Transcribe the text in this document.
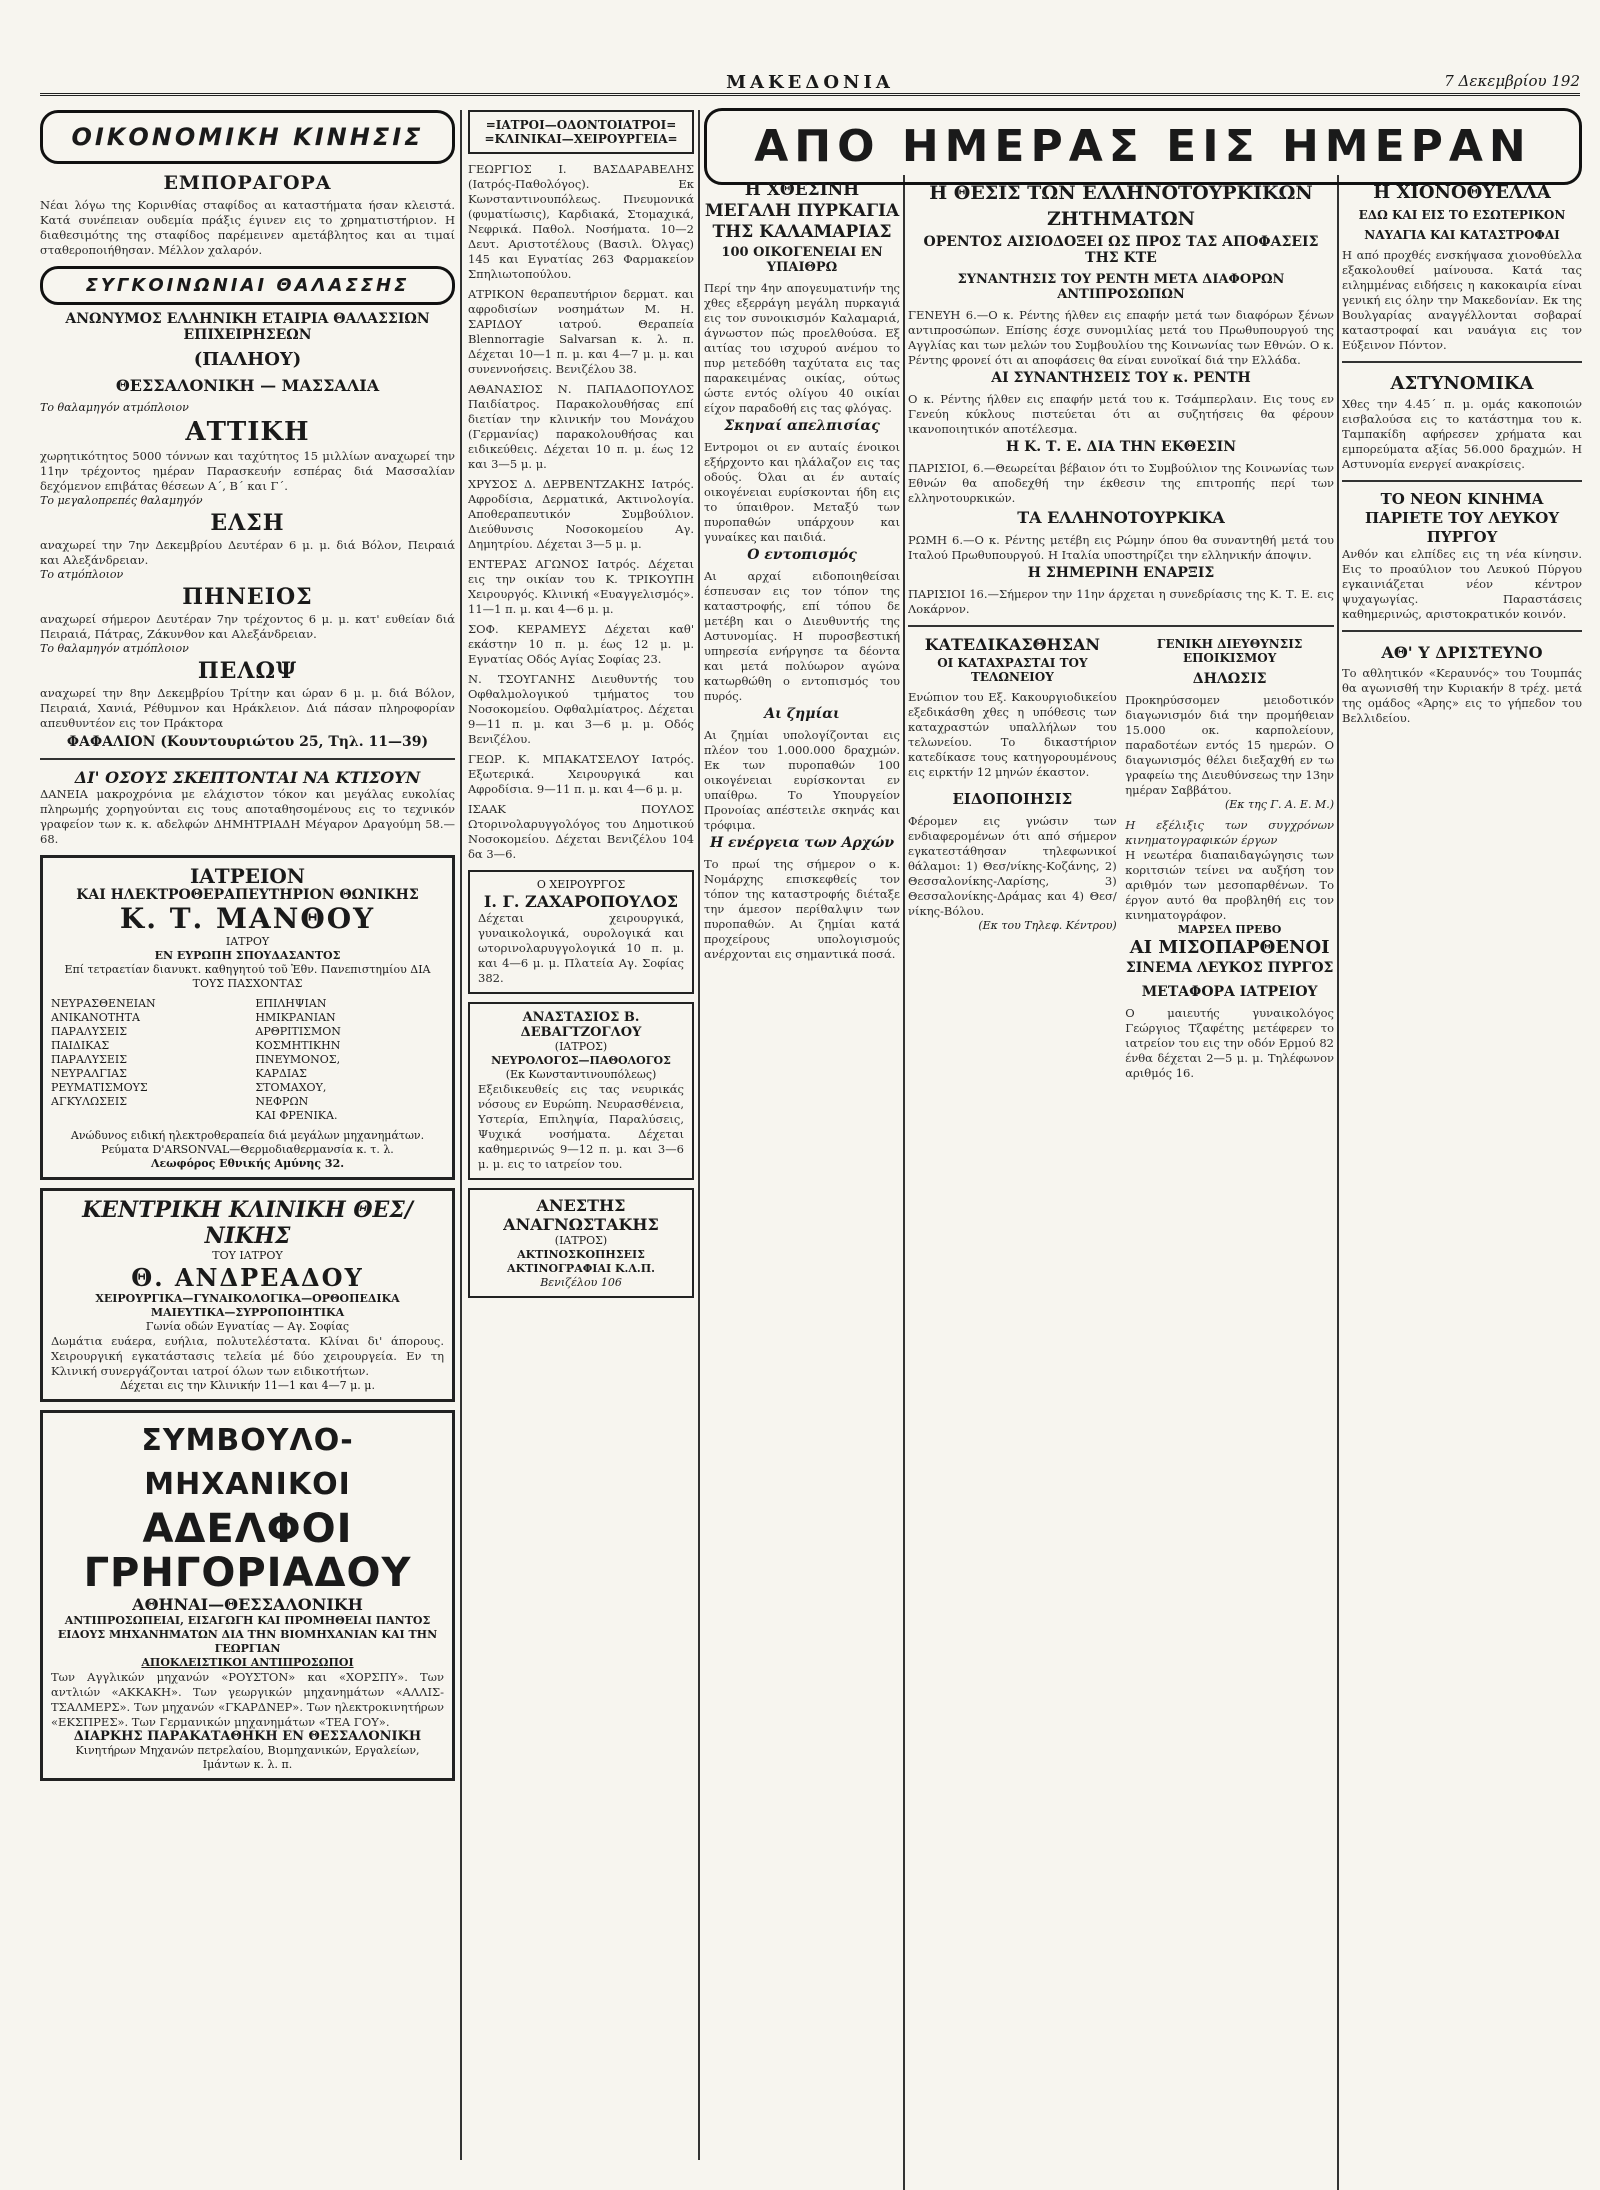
ΜΑΚΕΔΟΝΙΑ	7 Δεκεμβρίου 192
ΟΙΚΟΝΟΜΙΚΗ ΚΙΝΗΣΙΣ
ΕΜΠΟΡΑΓΟΡΑ
Νέαι λόγω της Κορινθίας σταφίδος αι καταστήματα ήσαν κλειστά. Κατά συνέπειαν ουδεμία πράξις έγινεν εις το χρηματιστήριον. Η διαθεσιμότης της σταφίδος παρέμεινεν αμετάβλητος και αι τιμαί σταθεροποιήθησαν. Μέλλον χαλαρόν.
ΣΥΓΚΟΙΝΩΝΙΑΙ ΘΑΛΑΣΣΗΣ
ΑΝΩΝΥΜΟΣ ΕΛΛΗΝΙΚΗ ΕΤΑΙΡΙΑ ΘΑΛΑΣΣΙΩΝ ΕΠΙΧΕΙΡΗΣΕΩΝ
(ΠΑΛΗΟΥ)
ΘΕΣΣΑΛΟΝΙΚΗ — ΜΑΣΣΑΛΙΑ
Το θαλαμηγόν ατμόπλοιον
ΑΤΤΙΚΗ
χωρητικότητος 5000 τόννων και ταχύτητος 15 μιλλίων αναχωρεί την 11ην τρέχοντος ημέραν Παρασκευήν εσπέρας διά Μασσαλίαν δεχόμενον επιβάτας θέσεων Α΄, Β΄ και Γ΄.
Το μεγαλοπρεπές θαλαμηγόν
ΕΛΣΗ
αναχωρεί την 7ην Δεκεμβρίου Δευτέραν 6 μ. μ. διά Βόλον, Πειραιά και Αλεξάνδρειαν.
Το ατμόπλοιον
ΠΗΝΕΙΟΣ
αναχωρεί σήμερον Δευτέραν 7ην τρέχοντος 6 μ. μ. κατ' ευθείαν διά Πειραιά, Πάτρας, Ζάκυνθον και Αλεξάνδρειαν.
Το θαλαμηγόν ατμόπλοιον
ΠΕΛΩΨ
αναχωρεί την 8ην Δεκεμβρίου Τρίτην και ώραν 6 μ. μ. διά Βόλον, Πειραιά, Χανιά, Ρέθυμνον και Ηράκλειον. Διά πάσαν πληροφορίαν απευθυντέον εις τον Πράκτορα
ΦΑΦΑΛΙΟΝ (Κουντουριώτου 25, Τηλ. 11—39)
ΔΙ' ΟΣΟΥΣ ΣΚΕΠΤΟΝΤΑΙ ΝΑ ΚΤΙΣΟΥΝ
ΔΑΝΕΙΑ μακροχρόνια με ελάχιστον τόκον και μεγάλας ευκολίας πληρωμής χορηγούνται εις τους αποταθησομένους εις το τεχνικόν γραφείον των κ. κ. αδελφών ΔΗΜΗΤΡΙΑΔΗ Μέγαρον Δραγούμη 58.—68.
ΙΑΤΡΕΙΟΝ
ΚΑΙ ΗΛΕΚΤΡΟΘΕΡΑΠΕΥΤΗΡΙΟΝ ΘΩΝΙΚΗΣ
Κ. Τ. ΜΑΝΘΟΥ
ΙΑΤΡΟΥ
ΕΝ ΕΥΡΩΠΗ ΣΠΟΥΔΑΣΑΝΤΟΣ
Επί τετραετίαν διανυκτ. καθηγητού τοῦ Ἐθν. Πανεπιστημίου ΔΙΑ ΤΟΥΣ ΠΑΣΧΟΝΤΑΣ
ΝΕΥΡΑΣΘΕΝΕΙΑΝ
ΑΝΙΚΑΝΟΤΗΤΑ
ΠΑΡΑΛΥΣΕΙΣ
ΠΑΙΔΙΚΑΣ ΠΑΡΑΛΥΣΕΙΣ
ΝΕΥΡΑΛΓΙΑΣ
ΡΕΥΜΑΤΙΣΜΟΥΣ
ΑΓΚΥΛΩΣΕΙΣ
ΕΠΙΛΗΨΙΑΝ
ΗΜΙΚΡΑΝΙΑΝ
ΑΡΘΡΙΤΙΣΜΟΝ
ΚΟΣΜΗΤΙΚΗΝ
ΠΝΕΥΜΟΝΟΣ, ΚΑΡΔΙΑΣ
ΣΤΟΜΑΧΟΥ, ΝΕΦΡΩΝ
ΚΑΙ ΦΡΕΝΙΚΑ.
Ανώδυνος ειδική ηλεκτροθεραπεία διά μεγάλων μηχανημάτων. Ρεύματα D'ARSONVAL—Θερμοδιαθερμανσία κ. τ. λ.
Λεωφόρος Εθνικής Αμύνης 32.
ΚΕΝΤΡΙΚΗ ΚΛΙΝΙΚΗ ΘΕΣ/ΝΙΚΗΣ
ΤΟΥ ΙΑΤΡΟΥ
Θ. ΑΝΔΡΕΑΔΟΥ
ΧΕΙΡΟΥΡΓΙΚΑ—ΓΥΝΑΙΚΟΛΟΓΙΚΑ—ΟΡΘΟΠΕΔΙΚΑ
ΜΑΙΕΥΤΙΚΑ—ΣΥΡΡΟΠΟΙΗΤΙΚΑ
Γωνία οδών Εγνατίας — Αγ. Σοφίας
Δωμάτια ευάερα, ευήλια, πολυτελέστατα. Κλίναι δι' άπορους. Χειρουργική εγκατάστασις τελεία μέ δύο χειρουργεία. Εν τη Κλινική συνεργάζονται ιατροί όλων των ειδικοτήτων.
Δέχεται εις την Κλινικήν 11—1 και 4—7 μ. μ.
ΣΥΜΒΟΥΛΟ-ΜΗΧΑΝΙΚΟΙ
ΑΔΕΛΦΟΙ ΓΡΗΓΟΡΙΑΔΟΥ
ΑΘΗΝΑΙ—ΘΕΣΣΑΛΟΝΙΚΗ
ΑΝΤΙΠΡΟΣΩΠΕΙΑΙ, ΕΙΣΑΓΩΓΗ ΚΑΙ ΠΡΟΜΗΘΕΙΑΙ ΠΑΝΤΟΣ ΕΙΔΟΥΣ ΜΗΧΑΝΗΜΑΤΩΝ ΔΙΑ ΤΗΝ ΒΙΟΜΗΧΑΝΙΑΝ ΚΑΙ ΤΗΝ ΓΕΩΡΓΙΑΝ
ΑΠΟΚΛΕΙΣΤΙΚΟΙ ΑΝΤΙΠΡΟΣΩΠΟΙ
Των Αγγλικών μηχανών «ΡΟΥΣΤΟΝ» και «ΧΟΡΣΠΥ». Των αντλιών «ΑΚΚΑΚΗ». Των γεωργικών μηχανημάτων «ΑΛΛΙΣ-ΤΣΑΛΜΕΡΣ». Των μηχανών «ΓΚΑΡΔΝΕΡ». Των ηλεκτροκινητήρων «ΕΚΣΠΡΕΣ». Των Γερμανικών μηχανημάτων «ΤΕΑ ΓΟΥ».
ΔΙΑΡΚΗΣ ΠΑΡΑΚΑΤΑΘΗΚΗ ΕΝ ΘΕΣΣΑΛΟΝΙΚΗ
Κινητήρων Μηχανών πετρελαίου, Βιομηχανικών, Εργαλείων, Ιμάντων κ. λ. π.
=ΙΑΤΡΟΙ—ΟΔΟΝΤΟΙΑΤΡΟΙ= =ΚΛΙΝΙΚΑΙ—ΧΕΙΡΟΥΡΓΕΙΑ=
ΓΕΩΡΓΙΟΣ Ι. ΒΑΣΔΑΡΑΒΕΛΗΣ (Ιατρός-Παθολόγος). Εκ Κωνσταντινουπόλεως. Πνευμονικά (φυματίωσις), Καρδιακά, Στομαχικά, Νεφρικά. Παθολ. Νοσήματα. 10—2 Δευτ. Αριστοτέλους (Βασιλ. Όλγας) 145 και Εγνατίας 263 Φαρμακείον Σπηλιωτοπούλου.
ΑΤΡΙΚΟΝ θεραπευτήριον δερματ. και αφροδισίων νοσημάτων Μ. Η. ΣΑΡΙΔΟΥ ιατρού. Θεραπεία Blennorragie Salvarsan κ. λ. π. Δέχεται 10—1 π. μ. και 4—7 μ. μ. και συνεννοήσεις. Βενιζέλου 38.
ΑΘΑΝΑΣΙΟΣ Ν. ΠΑΠΑΔΟΠΟΥΛΟΣ Παιδίατρος. Παρακολουθήσας επί διετίαν την κλινικήν του Μονάχου (Γερμανίας) παρακολουθήσας και ειδικεύθεις. Δέχεται 10 π. μ. έως 12 και 3—5 μ. μ.
ΧΡΥΣΟΣ Δ. ΔΕΡΒΕΝΤΖΑΚΗΣ Ιατρός. Αφροδίσια, Δερματικά, Ακτινολογία. Αποθεραπευτικόν Συμβούλιον. Διεύθυνσις Νοσοκομείου Αγ. Δημητρίου. Δέχεται 3—5 μ. μ.
ΕΝΤΕΡΑΣ ΑΓΩΝΟΣ Ιατρός. Δέχεται εις την οικίαν του Κ. ΤΡΙΚΟΥΠΗ Χειρουργός. Κλινική «Ευαγγελισμός». 11—1 π. μ. και 4—6 μ. μ.
ΣΟΦ. ΚΕΡΑΜΕΥΣ Δέχεται καθ' εκάστην 10 π. μ. έως 12 μ. μ. Εγνατίας Οδός Αγίας Σοφίας 23.
Ν. ΤΣΟΥΓΑΝΗΣ Διευθυντής του Οφθαλμολογικού τμήματος του Νοσοκομείου. Οφθαλμίατρος. Δέχεται 9—11 π. μ. και 3—6 μ. μ. Οδός Βενιζέλου.
ΓΕΩΡ. Κ. ΜΠΑΚΑΤΣΕΛΟΥ Ιατρός. Εξωτερικά. Χειρουργικά και Αφροδίσια. 9—11 π. μ. και 4—6 μ. μ.
ΙΣΑΑΚ ΠΟΥΛΟΣ Ωτορινολαρυγγολόγος του Δημοτικού Νοσοκομείου. Δέχεται Βενιζέλου 104 δα 3—6.
Ο ΧΕΙΡΟΥΡΓΟΣ
Ι. Γ. ΖΑΧΑΡΟΠΟΥΛΟΣ
Δέχεται χειρουργικά, γυναικολογικά, ουρολογικά και ωτορινολαρυγγολογικά 10 π. μ. και 4—6 μ. μ. Πλατεία Αγ. Σοφίας 382.
ΑΝΑΣΤΑΣΙΟΣ Β. ΔΕΒΑΓΤΖΟΓΛΟΥ
(ΙΑΤΡΟΣ)
ΝΕΥΡΟΛΟΓΟΣ—ΠΑΘΟΛΟΓΟΣ
(Εκ Κωνσταντινουπόλεως)
Εξειδικευθείς εις τας νευρικάς νόσους εν Ευρώπη. Νευρασθένεια, Υστερία, Επιληψία, Παραλύσεις, Ψυχικά νοσήματα. Δέχεται καθημερινώς 9—12 π. μ. και 3—6 μ. μ. εις το ιατρείον του.
ΑΝΕΣΤΗΣ ΑΝΑΓΝΩΣΤΑΚΗΣ
(ΙΑΤΡΟΣ)
ΑΚΤΙΝΟΣΚΟΠΗΣΕΙΣ
ΑΚΤΙΝΟΓΡΑΦΙΑΙ Κ.Λ.Π.
Βενιζέλου 106
ΑΠΟ ΗΜΕΡΑΣ ΕΙΣ ΗΜΕΡΑΝ
Η ΧΘΕΣΙΝΗ ΜΕΓΑΛΗ ΠΥΡΚΑΓΙΑ ΤΗΣ ΚΑΛΑΜΑΡΙΑΣ
100 ΟΙΚΟΓΕΝΕΙΑΙ ΕΝ ΥΠΑΙΘΡΩ
Περί την 4ην απογευματινήν της χθες εξερράγη μεγάλη πυρκαγιά εις τον συνοικισμόν Καλαμαριά, άγνωστον πώς προελθούσα. Εξ αιτίας του ισχυρού ανέμου το πυρ μετεδόθη ταχύτατα εις τας παρακειμένας οικίας, ούτως ώστε εντός ολίγου 40 οικίαι είχον παραδοθή εις τας φλόγας.
Σκηναί απελπισίας
Εντρομοι οι εν αυταίς ένοικοι εξήρχοντο και ηλάλαζον εις τας οδούς. Όλαι αι έν αυταίς οικογένειαι ευρίσκονται ήδη εις το ύπαιθρον. Μεταξύ των πυροπαθών υπάρχουν και γυναίκες και παιδιά.
Ο εντοπισμός
Αι αρχαί ειδοποιηθείσαι έσπευσαν εις τον τόπον της καταστροφής, επί τόπου δε μετέβη και ο Διευθυντής της Αστυνομίας. Η πυροσβεστική υπηρεσία ενήργησε τα δέοντα και μετά πολύωρον αγώνα κατωρθώθη ο εντοπισμός του πυρός.
Αι ζημίαι
Αι ζημίαι υπολογίζονται εις πλέον του 1.000.000 δραχμών. Εκ των πυροπαθών 100 οικογένειαι ευρίσκονται εν υπαίθρω. Το Υπουργείον Προνοίας απέστειλε σκηνάς και τρόφιμα.
Η ενέργεια των Αρχών
Το πρωί της σήμερον ο κ. Νομάρχης επισκεφθείς τον τόπον της καταστροφής διέταξε την άμεσον περίθαλψιν των πυροπαθών. Αι ζημίαι κατά προχείρους υπολογισμούς ανέρχονται εις σημαντικά ποσά.
Η ΘΕΣΙΣ ΤΩΝ ΕΛΛΗΝΟΤΟΥΡΚΙΚΩΝ ΖΗΤΗΜΑΤΩΝ
ΟΡΕΝΤΟΣ ΑΙΣΙΟΔΟΞΕΙ ΩΣ ΠΡΟΣ ΤΑΣ ΑΠΟΦΑΣΕΙΣ ΤΗΣ ΚΤΕ
ΣΥΝΑΝΤΗΣΙΣ ΤΟΥ ΡΕΝΤΗ ΜΕΤΑ ΔΙΑΦΟΡΩΝ ΑΝΤΙΠΡΟΣΩΠΩΝ
ΓΕΝΕΥΗ 6.—Ο κ. Ρέντης ήλθεν εις επαφήν μετά των διαφόρων ξένων αντιπροσώπων. Επίσης έσχε συνομιλίας μετά του Πρωθυπουργού της Αγγλίας και των μελών του Συμβουλίου της Κοινωνίας των Εθνών. Ο κ. Ρέντης φρονεί ότι αι αποφάσεις θα είναι ευνοϊκαί διά την Ελλάδα.
ΑΙ ΣΥΝΑΝΤΗΣΕΙΣ ΤΟΥ κ. ΡΕΝΤΗ
Ο κ. Ρέντης ήλθεν εις επαφήν μετά του κ. Τσάμπερλαιν. Εις τους εν Γενεύη κύκλους πιστεύεται ότι αι συζητήσεις θα φέρουν ικανοποιητικόν αποτέλεσμα.
Η Κ. Τ. Ε. ΔΙΑ ΤΗΝ ΕΚΘΕΣΙΝ
ΠΑΡΙΣΙΟΙ, 6.—Θεωρείται βέβαιον ότι το Συμβούλιον της Κοινωνίας των Εθνών θα αποδεχθή την έκθεσιν της επιτροπής περί των ελληνοτουρκικών.
ΤΑ ΕΛΛΗΝΟΤΟΥΡΚΙΚΑ
ΡΩΜΗ 6.—Ο κ. Ρέντης μετέβη εις Ρώμην όπου θα συναντηθή μετά του Ιταλού Πρωθυπουργού. Η Ιταλία υποστηρίζει την ελληνικήν άποψιν.
Η ΣΗΜΕΡΙΝΗ ΕΝΑΡΞΙΣ
ΠΑΡΙΣΙΟΙ 16.—Σήμερον την 11ην άρχεται η συνεδρίασις της Κ. Τ. Ε. εις Λοκάρνον.
ΚΑΤΕΔΙΚΑΣΘΗΣΑΝ
ΟΙ ΚΑΤΑΧΡΑΣΤΑΙ ΤΟΥ ΤΕΛΩΝΕΙΟΥ
Ενώπιον του Εξ. Κακουργιοδικείου εξεδικάσθη χθες η υπόθεσις των καταχραστών υπαλλήλων του τελωνείου. Το δικαστήριον κατεδίκασε τους κατηγορουμένους εις ειρκτήν 12 μηνών έκαστον.
ΕΙΔΟΠΟΙΗΣΙΣ
Φέρομεν εις γνώσιν των ενδιαφερομένων ότι από σήμερον εγκατεστάθησαν τηλεφωνικοί θάλαμοι: 1) Θεσ/νίκης-Κοζάνης, 2) Θεσσαλονίκης-Λαρίσης, 3) Θεσσαλονίκης-Δράμας και 4) Θεσ/νίκης-Βόλου.
(Εκ του Τηλεφ. Κέντρου)
ΓΕΝΙΚΗ ΔΙΕΥΘΥΝΣΙΣ ΕΠΟΙΚΙΣΜΟΥ
ΔΗΛΩΣΙΣ
Προκηρύσσομεν μειοδοτικόν διαγωνισμόν διά την προμήθειαν 15.000 οκ. καρπολείουν, παραδοτέων εντός 15 ημερών. Ο διαγωνισμός θέλει διεξαχθή εν τω γραφείω της Διευθύνσεως την 13ην ημέραν Σαββάτου.
(Εκ της Γ. Α. Ε. Μ.)
Η εξέλιξις των συγχρόνων κινηματογραφικών έργων
Η νεωτέρα διαπαιδαγώγησις των κοριτσιών τείνει να αυξήση τον αριθμόν των μεσοπαρθένων. Το έργον αυτό θα προβληθή εις τον κινηματογράφον.
ΜΑΡΣΕΛ ΠΡΕΒΟ
ΑΙ ΜΙΣΟΠΑΡΘΕΝΟΙ
ΣΙΝΕΜΑ ΛΕΥΚΟΣ ΠΥΡΓΟΣ
ΜΕΤΑΦΟΡΑ ΙΑΤΡΕΙΟΥ
Ο μαιευτής γυναικολόγος Γεώργιος Τζαφέτης μετέφερεν το ιατρείον του εις την οδόν Ερμού 82 ένθα δέχεται 2—5 μ. μ. Τηλέφωνον αριθμός 16.
Η ΧΙΟΝΟΘΥΕΛΛΑ
ΕΔΩ ΚΑΙ ΕΙΣ ΤΟ ΕΣΩΤΕΡΙΚΟΝ
ΝΑΥΑΓΙΑ ΚΑΙ ΚΑΤΑΣΤΡΟΦΑΙ
Η από προχθές ενσκήψασα χιονοθύελλα εξακολουθεί μαίνουσα. Κατά τας ειλημμένας ειδήσεις η κακοκαιρία είναι γενική εις όλην την Μακεδονίαν. Εκ της Βουλγαρίας αναγγέλλονται σοβαραί καταστροφαί και ναυάγια εις τον Εύξεινον Πόντον.
ΑΣΤΥΝΟΜΙΚΑ
Χθες την 4.45΄ π. μ. ομάς κακοποιών εισβαλούσα εις το κατάστημα του κ. Ταμπακίδη αφήρεσεν χρήματα και εμπορεύματα αξίας 56.000 δραχμών. Η Αστυνομία ενεργεί ανακρίσεις.
ΤΟ ΝΕΟΝ ΚΙΝΗΜΑ ΠΑΡΙΕΤΕ ΤΟΥ ΛΕΥΚΟΥ ΠΥΡΓΟΥ
Ανθόν και ελπίδες εις τη νέα κίνησιν. Εις το προαύλιον του Λευκού Πύργου εγκαινιάζεται νέον κέντρον ψυχαγωγίας. Παραστάσεις καθημερινώς, αριστοκρατικόν κοινόν.
ΑΘ' Υ ΔΡΙΣΤΕΥΝΟ
Το αθλητικόν «Κεραυνός» του Τουμπάς θα αγωνισθή την Κυριακήν 8 τρέχ. μετά της ομάδος «Άρης» εις το γήπεδον του Βελλιδείου.
